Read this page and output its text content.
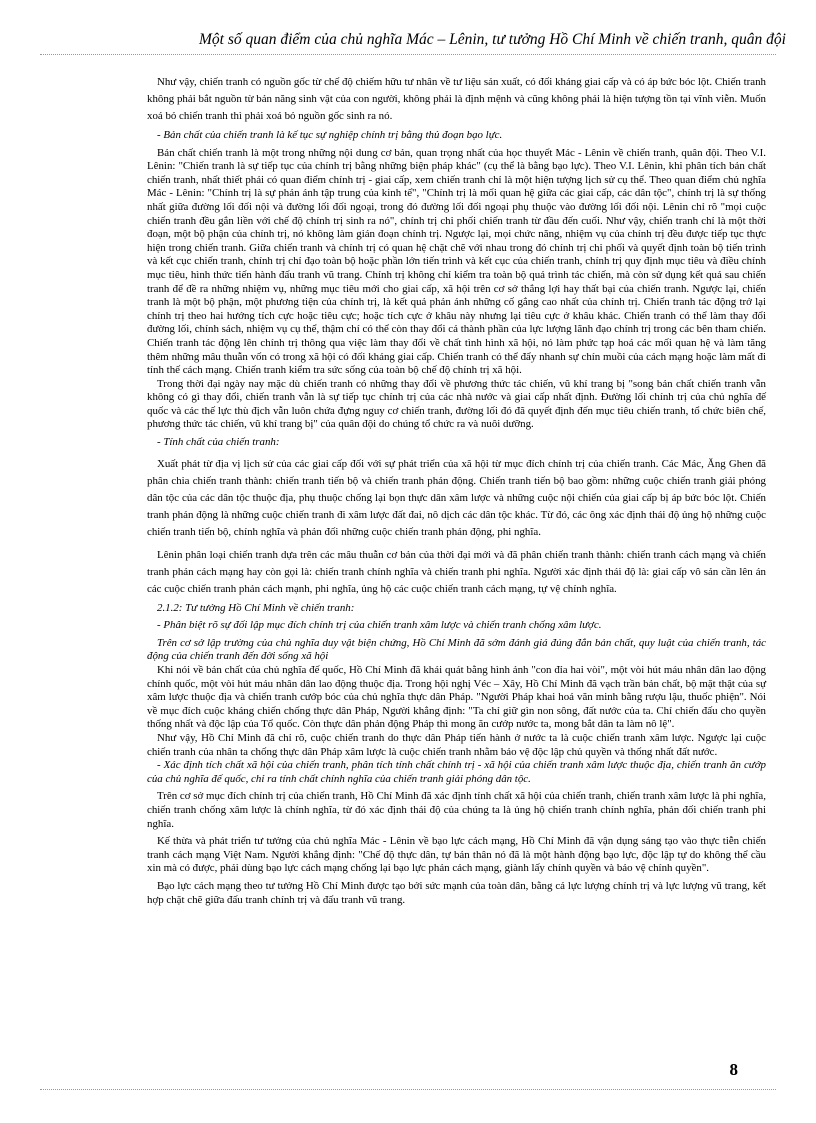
Một số quan điểm của chủ nghĩa Mác – Lênin, tư tưởng Hồ Chí Minh về chiến tranh, quân đội

Như vậy, chiến tranh có nguồn gốc từ chế độ chiếm hữu tư nhân về tư liệu sản xuất, có đối kháng giai cấp và có áp bức bóc lột. Chiến tranh không phải bắt nguồn từ bản năng sinh vật của con người, không phải là định mệnh và cũng không phải là hiện tượng tồn tại vĩnh viễn. Muốn xoá bỏ chiến tranh thì phải xoá bỏ nguồn gốc sinh ra nó.

- Bản chất của chiến tranh là kế tục sự nghiệp chính trị bằng thủ đoạn bạo lực.

Bản chất chiến tranh là một trong những nội dung cơ bản, quan trọng nhất của học thuyết Mác - Lênin về chiến tranh, quân đội. Theo V.I. Lênin: "Chiến tranh là sự tiếp tục của chính trị bằng những biện pháp khác" (cụ thể là bằng bạo lực). Theo V.I. Lênin, khi phân tích bản chất chiến tranh, nhất thiết phải có quan điểm chính trị - giai cấp, xem chiến tranh chỉ là một hiện tượng lịch sử cụ thể. Theo quan điểm chủ nghĩa Mác - Lênin: "Chính trị là sự phản ánh tập trung của kinh tế", "Chính trị là mối quan hệ giữa các giai cấp, các dân tộc", chính trị là sự thống nhất giữa đường lối đối nội và đường lối đối ngoại, trong đó đường lối đối ngoại phụ thuộc vào đường lối đối nội. Lênin chỉ rõ "mọi cuộc chiến tranh đều gắn liền với chế độ chính trị sinh ra nó", chính trị chi phối chiến tranh từ đầu đến cuối. Như vậy, chiến tranh chỉ là một thời đoạn, một bộ phận của chính trị, nó không làm gián đoạn chính trị. Ngược lại, mọi chức năng, nhiệm vụ của chính trị đều được tiếp tục thực hiện trong chiến tranh. Giữa chiến tranh và chính trị có quan hệ chặt chẽ với nhau trong đó chính trị chi phối và quyết định toàn bộ tiến trình và kết cục chiến tranh, chính trị chỉ đạo toàn bộ hoặc phần lớn tiến trình và kết cục của chiến tranh, chính trị quy định mục tiêu và điều chỉnh mục tiêu, hình thức tiến hành đấu tranh vũ trang. Chính trị không chỉ kiểm tra toàn bộ quá trình tác chiến, mà còn sử dụng kết quả sau chiến tranh để đề ra những nhiệm vụ, những mục tiêu mới cho giai cấp, xã hội trên cơ sở thắng lợi hay thất bại của chiến tranh. Ngược lại, chiến tranh là một bộ phận, một phương tiện của chính trị, là kết quả phản ánh những cố gắng cao nhất của chính trị. Chiến tranh tác động trở lại chính trị theo hai hướng tích cực hoặc tiêu cực; hoặc tích cực ở khâu này nhưng lại tiêu cực ở khâu khác. Chiến tranh có thể làm thay đổi đường lối, chính sách, nhiệm vụ cụ thể, thậm chí có thể còn thay đổi cả thành phần của lực lượng lãnh đạo chính trị trong các bên tham chiến. Chiến tranh tác động lên chính trị thông qua việc làm thay đổi về chất tình hình xã hội, nó làm phức tạp hoá các mối quan hệ và làm tăng thêm những mâu thuẫn vốn có trong xã hội có đối kháng giai cấp. Chiến tranh có thể đẩy nhanh sự chín muồi của cách mạng hoặc làm mất đi tính thế cách mạng. Chiến tranh kiểm tra sức sống của toàn bộ chế độ chính trị xã hội.

Trong thời đại ngày nay mặc dù chiến tranh có những thay đổi về phương thức tác chiến, vũ khí trang bị "song bản chất chiến tranh vẫn không có gì thay đổi, chiến tranh vẫn là sự tiếp tục chính trị của các nhà nước và giai cấp nhất định. Đường lối chính trị của chủ nghĩa đế quốc và các thế lực thù địch vẫn luôn chứa đựng nguy cơ chiến tranh, đường lối đó đã quyết định đến mục tiêu chiến tranh, tổ chức biên chế, phương thức tác chiến, vũ khí trang bị" của quân đội do chúng tổ chức ra và nuôi dưỡng.

- Tính chất của chiến tranh:

Xuất phát từ địa vị lịch sử của các giai cấp đối với sự phát triển của xã hội từ mục đích chính trị của chiến tranh. Các Mác, Ăng Ghen đã phân chia chiến tranh thành: chiến tranh tiến bộ và chiến tranh phản động. Chiến tranh tiến bộ bao gồm: những cuộc chiến tranh giải phóng dân tộc của các dân tộc thuộc địa, phụ thuộc chống lại bọn thực dân xâm lược và những cuộc nội chiến của giai cấp bị áp bức bóc lột. Chiến tranh phản động là những cuộc chiến tranh đi xâm lược đất đai, nô dịch các dân tộc khác. Từ đó, các ông xác định thái độ ủng hộ những cuộc chiến tranh tiến bộ, chính nghĩa và phản đối những cuộc chiến tranh phản động, phi nghĩa.

Lênin phân loại chiến tranh dựa trên các mâu thuẫn cơ bản của thời đại mới và đã phân chiến tranh thành: chiến tranh cách mạng và chiến tranh phản cách mạng hay còn gọi là: chiến tranh chính nghĩa và chiến tranh phi nghĩa. Người xác định thái độ là: giai cấp vô sản cần lên án các cuộc chiến tranh phản cách mạnh, phi nghĩa, ủng hộ các cuộc chiến tranh cách mạng, tự vệ chính nghĩa.

2.1.2: Tư tưởng Hồ Chí Minh về chiến tranh:

- Phân biệt rõ sự đối lập mục đích chính trị của chiến tranh xâm lược và chiến tranh chống xâm lược.

Trên cơ sở lập trường của chủ nghĩa duy vật biện chứng, Hồ Chí Minh đã sớm đánh giá đúng đắn bản chất, quy luật của chiến tranh, tác động của chiến tranh đến đời sống xã hội

Khi nói về bản chất của chủ nghĩa đế quốc, Hồ Chí Minh đã khái quát bằng hình ảnh "con đỉa hai vòi", một vòi hút máu nhân dân lao động chính quốc, một vòi hút máu nhân dân lao động thuộc địa. Trong hội nghị Véc – Xây, Hồ Chí Minh đã vạch trần bản chất, bộ mặt thật của sự xâm lược thuộc địa và chiến tranh cướp bóc của chủ nghĩa thực dân Pháp. "Người Pháp khai hoá văn minh bằng rượu lậu, thuốc phiện". Nói về mục đích cuộc kháng chiến chống thực dân Pháp, Người khẳng định: "Ta chỉ giữ gìn non sông, đất nước của ta. Chỉ chiến đấu cho quyền thống nhất và độc lập của Tổ quốc. Còn thực dân phản động Pháp thì mong ăn cướp nước ta, mong bắt dân ta làm nô lệ".

Như vậy, Hồ Chí Minh đã chỉ rõ, cuộc chiến tranh do thực dân Pháp tiến hành ở nước ta là cuộc chiến tranh xâm lược. Ngược lại cuộc chiến tranh của nhân ta chống thực dân Pháp xâm lược là cuộc chiến tranh nhằm bảo vệ độc lập chủ quyền và thống nhất đất nước.

- Xác định tích chất xã hội của chiến tranh, phân tích tính chất chính trị - xã hội của chiến tranh xâm lược thuộc địa, chiến tranh ăn cướp của chủ nghĩa đế quốc, chỉ ra tính chất chính nghĩa của chiến tranh giải phóng dân tộc.

Trên cơ sở mục đích chính trị của chiến tranh, Hồ Chí Minh đã xác định tính chất xã hội của chiến tranh, chiến tranh xâm lược là phi nghĩa, chiến tranh chống xâm lược là chính nghĩa, từ đó xác định thái độ của chúng ta là ủng hộ chiến tranh chính nghĩa, phản đối chiến tranh phi nghĩa.

Kế thừa và phát triển tư tưởng của chủ nghĩa Mác - Lênin về bạo lực cách mạng, Hồ Chí Minh đã vận dụng sáng tạo vào thực tiễn chiến tranh cách mạng Việt Nam. Người khẳng định: "Chế độ thực dân, tự bản thân nó đã là một hành động bạo lực, độc lập tự do không thể cầu xin mà có được, phải dùng bạo lực cách mạng chống lại bạo lực phản cách mạng, giành lấy chính quyền và bảo vệ chính quyền".

Bạo lực cách mạng theo tư tưởng Hồ Chí Minh được tạo bởi sức mạnh của toàn dân, bằng cả lực lượng chính trị và lực lượng vũ trang, kết hợp chặt chẽ giữa đấu tranh chính trị và đấu tranh vũ trang.

8
